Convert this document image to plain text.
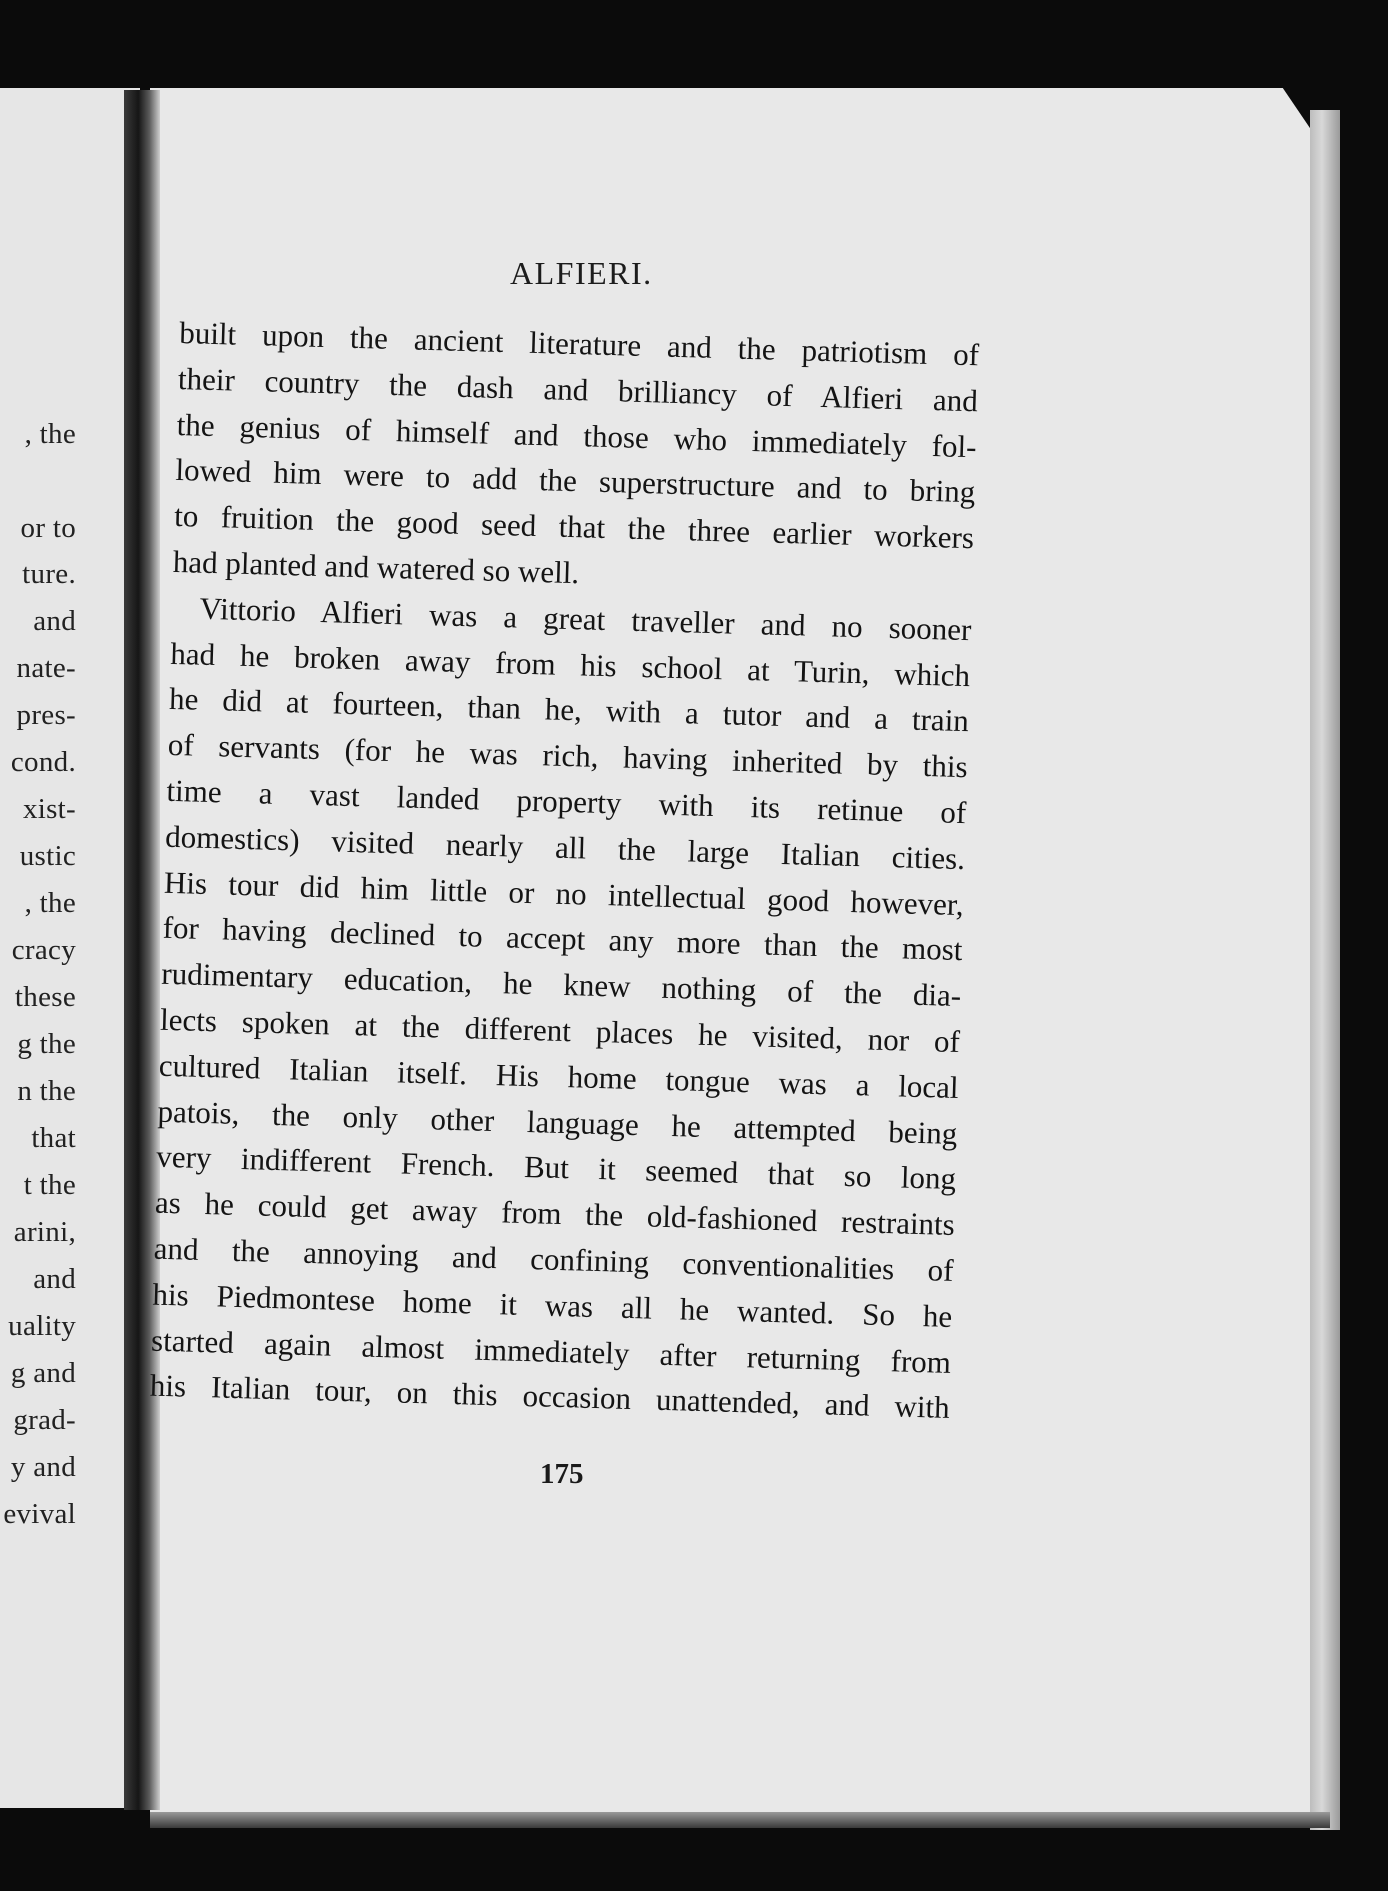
, the
or to
ture.
and
nate-
pres-
cond.
xist-
ustic
, the
cracy
these
g the
n the
that
t the
arini,
and
uality
g and
grad-
y and
evival
ALFIERI.
built upon the ancient literature and the patriotism of
their country the dash and brilliancy of Alfieri and
the genius of himself and those who immediately fol-
lowed him were to add the superstructure and to bring
to fruition the good seed that the three earlier workers
had planted and watered so well.
Vittorio Alfieri was a great traveller and no sooner
had he broken away from his school at Turin, which
he did at fourteen, than he, with a tutor and a train
of servants (for he was rich, having inherited by this
time a vast landed property with its retinue of
domestics) visited nearly all the large Italian cities.
His tour did him little or no intellectual good however,
for having declined to accept any more than the most
rudimentary education, he knew nothing of the dia-
lects spoken at the different places he visited, nor of
cultured Italian itself. His home tongue was a local
patois, the only other language he attempted being
very indifferent French. But it seemed that so long
as he could get away from the old-fashioned restraints
and the annoying and confining conventionalities of
his Piedmontese home it was all he wanted. So he
started again almost immediately after returning from
his Italian tour, on this occasion unattended, and with
175
